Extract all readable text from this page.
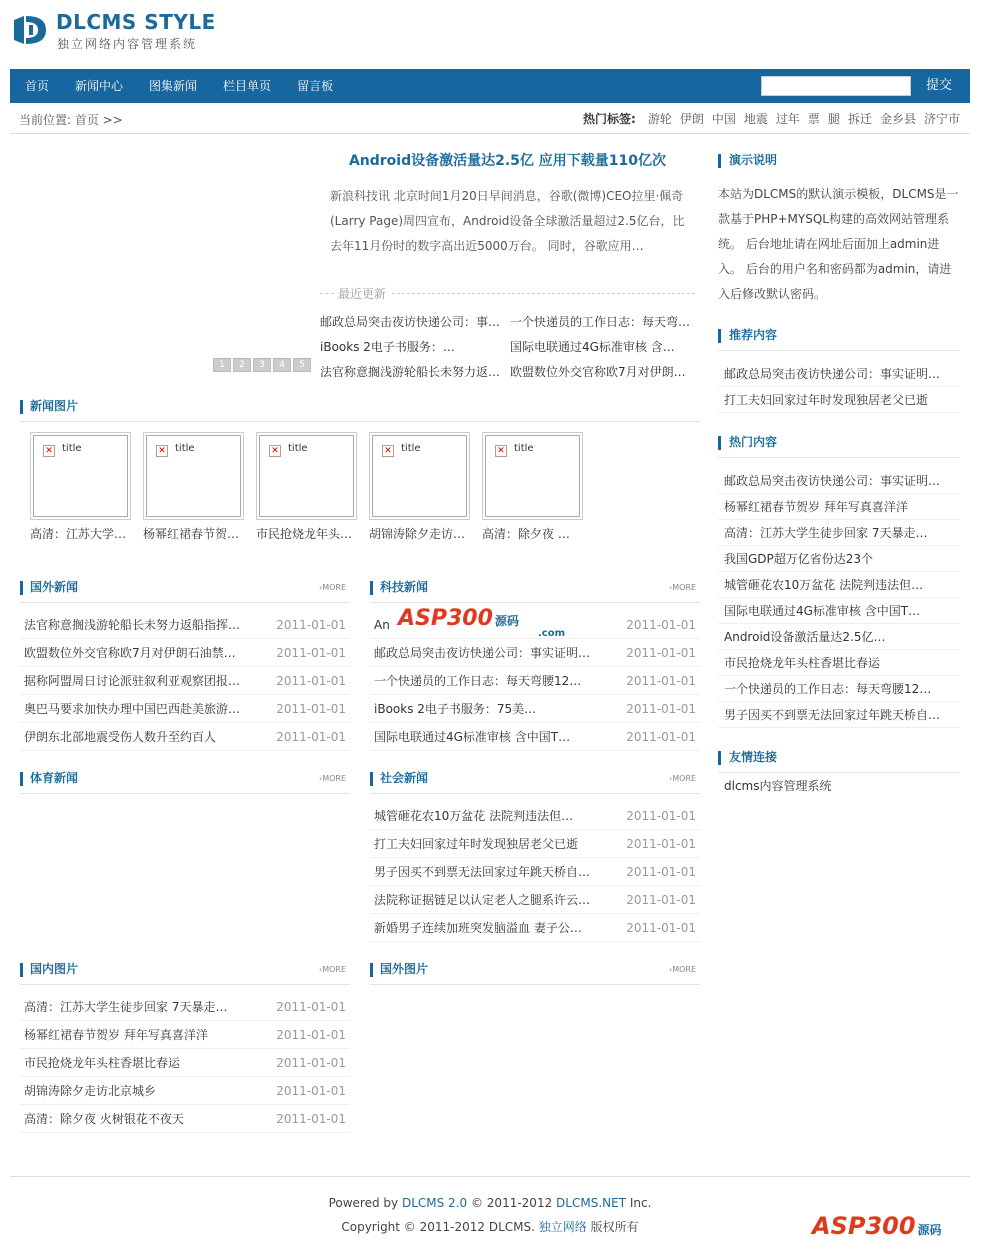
DLCMS STYLE
独立网络内容管理系统
首页	新闻中心	图集新闻	栏目单页	留言板	提交
当前位置: 首页 >>	热门标签: 游轮 伊朗 中国 地震 过年 票 腿 拆迁 金乡县 济宁市
1	2	3	4	5
Android设备激活量达2.5亿 应用下载量110亿次

新浪科技讯 北京时间1月20日早间消息，谷歌(微博)CEO拉里·佩奇(Larry Page)周四宣布，Android设备全球激活量超过2.5亿台，比去年11月份时的数字高出近5000万台。 同时，谷歌应用…

最近更新
邮政总局突击夜访快递公司：事… 一个快递员的工作日志：每天弯…
iBooks 2电子书服务：…	国际电联通过4G标准审核 含…
法官称意搁浅游轮船长未努力返… 欧盟数位外交官称欧7月对伊朗…
新闻图片
✕ title
高清：江苏大学…
✕ title
杨幂红裙春节贺…
✕ title
市民抢烧龙年头…
✕ title
胡锦涛除夕走访…
✕ title
高清：除夕夜 …
国外新闻	›MORE
法官称意搁浅游轮船长未努力返船指挥…	2011-01-01
欧盟数位外交官称欧7月对伊朗石油禁…	2011-01-01
据称阿盟周日讨论派驻叙利亚观察团报…	2011-01-01
奥巴马要求加快办理中国巴西赴美旅游…	2011-01-01
伊朗东北部地震受伤人数升至约百人	2011-01-01
科技新闻	›MORE
An	2011-01-01
邮政总局突击夜访快递公司：事实证明…	2011-01-01
一个快递员的工作日志：每天弯腰12…	2011-01-01
iBooks 2电子书服务：75美…	2011-01-01
国际电联通过4G标准审核 含中国T…	2011-01-01
体育新闻	›MORE	社会新闻	›MORE
城管砸花农10万盆花 法院判违法但…	2011-01-01
打工夫妇回家过年时发现独居老父已逝	2011-01-01
男子因买不到票无法回家过年跳天桥自…	2011-01-01
法院称证据链足以认定老人之腿系许云…	2011-01-01
新婚男子连续加班突发脑溢血 妻子公…	2011-01-01
国内图片	›MORE
高清：江苏大学生徒步回家 7天暴走…	2011-01-01
杨幂红裙春节贺岁 拜年写真喜洋洋	2011-01-01
市民抢烧龙年头柱香堪比春运	2011-01-01
胡锦涛除夕走访北京城乡	2011-01-01
高清：除夕夜 火树银花不夜天	2011-01-01
国外图片	›MORE
演示说明
本站为DLCMS的默认演示模板，DLCMS是一款基于PHP+MYSQL构建的高效网站管理系统。 后台地址请在网址后面加上admin进入。 后台的用户名和密码都为admin，请进入后修改默认密码。
推荐内容
邮政总局突击夜访快递公司：事实证明…
打工夫妇回家过年时发现独居老父已逝
热门内容
邮政总局突击夜访快递公司：事实证明…
杨幂红裙春节贺岁 拜年写真喜洋洋
高清：江苏大学生徒步回家 7天暴走…
我国GDP超万亿省份达23个
城管砸花农10万盆花 法院判违法但…
国际电联通过4G标准审核 含中国T…
Android设备激活量达2.5亿…
市民抢烧龙年头柱香堪比春运
一个快递员的工作日志：每天弯腰12…
男子因买不到票无法回家过年跳天桥自…
友情连接
dlcms内容管理系统
Powered by DLCMS 2.0 © 2011-2012 DLCMS.NET Inc.
Copyright © 2011-2012 DLCMS. 独立网络 版权所有
ASP300 源码
.com
ASP300 源码
